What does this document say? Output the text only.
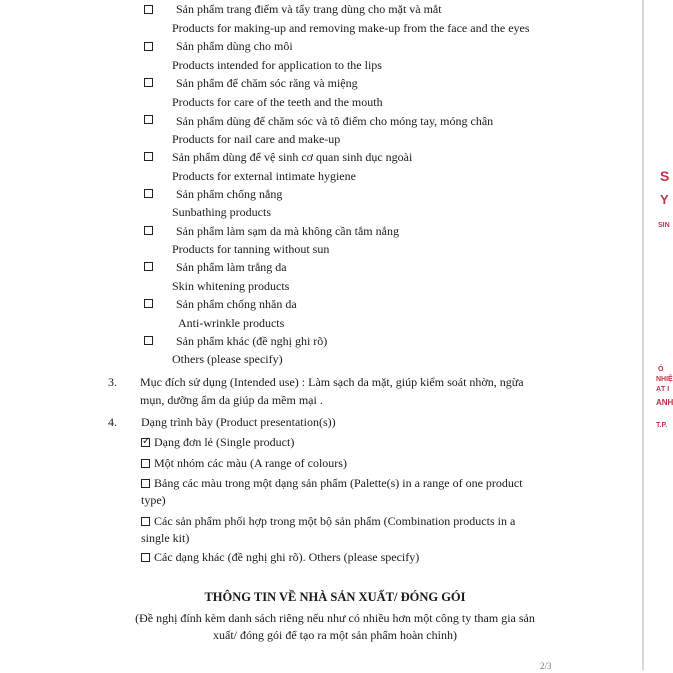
Sản phẩm trang điểm và tẩy trang dùng cho mặt và mắt
Products for making-up and removing make-up from the face and the eyes
Sản phẩm dùng cho môi
Products intended for application to the lips
Sản phẩm để chăm sóc răng và miệng
Products for care of the teeth and the mouth
Sản phẩm dùng để chăm sóc và tô điểm cho móng tay, móng chân
Products for nail care and make-up
Sản phẩm dùng để vệ sinh cơ quan sinh dục ngoài
Products for external intimate hygiene
Sản phẩm chống nắng
Sunbathing products
Sản phẩm làm sạm da mà không cần tắm nắng
Products for tanning without sun
Sản phẩm làm trắng da
Skin whitening products
Sản phẩm chống nhăn da
Anti-wrinkle products
Sản phẩm khác (đề nghị ghi rõ)
Others (please specify)
3. Mục đích sử dụng (Intended use) : Làm sạch da mặt, giúp kiểm soát nhờn, ngừa
mụn, dưỡng ẩm da giúp da mềm mại .
4. Dạng trình bày (Product presentation(s))
✓Dạng đơn lẻ (Single product)
Một nhóm các màu (A range of colours)
Bảng các màu trong một dạng sản phẩm (Palette(s) in a range of one product
type)
Các sản phẩm phối hợp trong một bộ sản phẩm (Combination products in a
single kit)
Các dạng khác (đề nghị ghi rõ). Others (please specify)
THÔNG TIN VỀ NHÀ SẢN XUẤT/ ĐÓNG GÓI
(Đề nghị đính kèm danh sách riêng nếu như có nhiều hơn một công ty tham gia sản
xuất/ đóng gói để tạo ra một sản phẩm hoàn chỉnh)
2/3
S
Y
SIN
Ó
NHIỆ
ẠT I
ANH
T.P.
